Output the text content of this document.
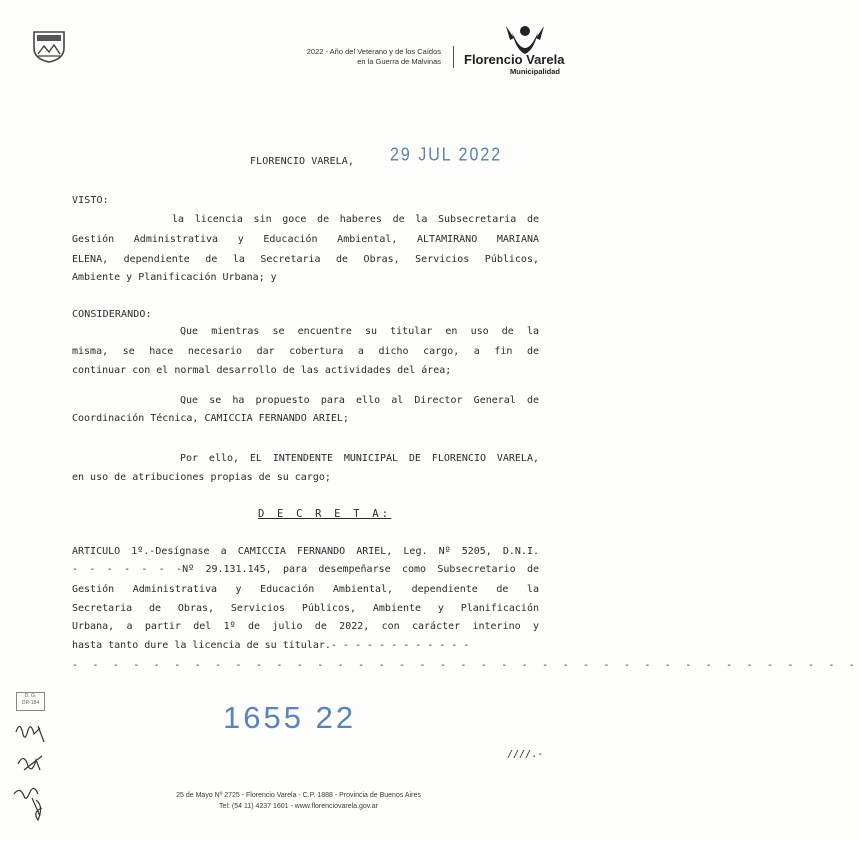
2022 - Año del Veterano y de los Caídos
en la Guerra de Malvinas Florencio Varela
Municipalidad
FLORENCIO VARELA, 29 JUL 2022
VISTO:
la licencia sin goce de haberes de la Subsecretaria de
Gestión Administrativa y Educación Ambiental, ALTAMIRANO MARIANA
ELENA, dependiente de la Secretaria de Obras, Servicios Públicos,
Ambiente y Planificación Urbana; y
CONSIDERANDO:
Que mientras se encuentre su titular en uso de la
misma, se hace necesario dar cobertura a dicho cargo, a fin de
continuar con el normal desarrollo de las actividades del área;
Que se ha propuesto para ello al Director General de
Coordinación Técnica, CAMICCIA FERNANDO ARIEL;
Por ello, EL INTENDENTE MUNICIPAL DE FLORENCIO VARELA,
en uso de atribuciones propias de su cargo;
D E C R E T A:
ARTICULO 1º.-Desígnase a CAMICCIA FERNANDO ARIEL, Leg. Nº 5205, D.N.I.
- - - - - - -Nº 29.131.145, para desempeñarse como Subsecretario de
Gestión Administrativa y Educación Ambiental, dependiente de la
Secretaria de Obras, Servicios Públicos, Ambiente y Planificación
Urbana, a partir del 1º de julio de 2022, con carácter interino y
hasta tanto dure la licencia de su titular.- - - - - - - - - - - -
- - - - - - - - - - - - - - - - - - - - - - - - - - - - - - - - - - - - - - -
1655 22
////.-
D. G.
DR-184
25 de Mayo Nº 2725 - Florencio Varela - C.P. 1888 - Provincia de Buenos Aires
Tel: (54 11) 4237 1601 - www.florenciovarela.gov.ar
